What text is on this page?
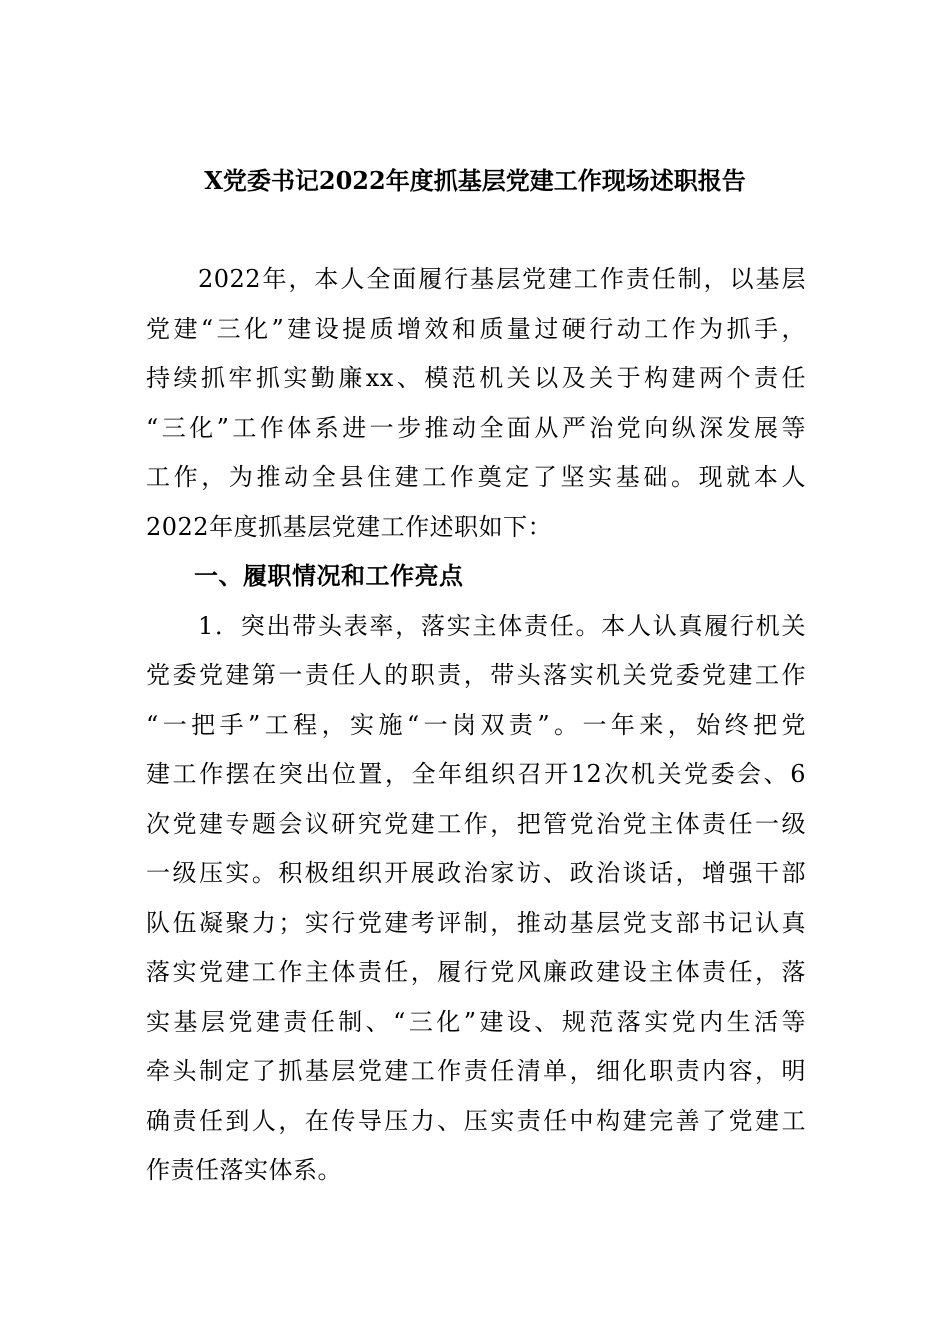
X党委书记2022年度抓基层党建工作现场述职报告
2022年，本人全面履行基层党建工作责任制，以基层
党建“三化”建设提质增效和质量过硬行动工作为抓手，
持续抓牢抓实勤廉xx、模范机关以及关于构建两个责任
“三化”工作体系进一步推动全面从严治党向纵深发展等
工作，为推动全县住建工作奠定了坚实基础。现就本人
2022年度抓基层党建工作述职如下：
一、履职情况和工作亮点
1．突出带头表率，落实主体责任。本人认真履行机关
党委党建第一责任人的职责，带头落实机关党委党建工作
“一把手”工程，实施“一岗双责”。一年来，始终把党
建工作摆在突出位置，全年组织召开12次机关党委会、6
次党建专题会议研究党建工作，把管党治党主体责任一级
一级压实。积极组织开展政治家访、政治谈话，增强干部
队伍凝聚力；实行党建考评制，推动基层党支部书记认真
落实党建工作主体责任，履行党风廉政建设主体责任，落
实基层党建责任制、“三化”建设、规范落实党内生活等
牵头制定了抓基层党建工作责任清单，细化职责内容，明
确责任到人，在传导压力、压实责任中构建完善了党建工
作责任落实体系。
